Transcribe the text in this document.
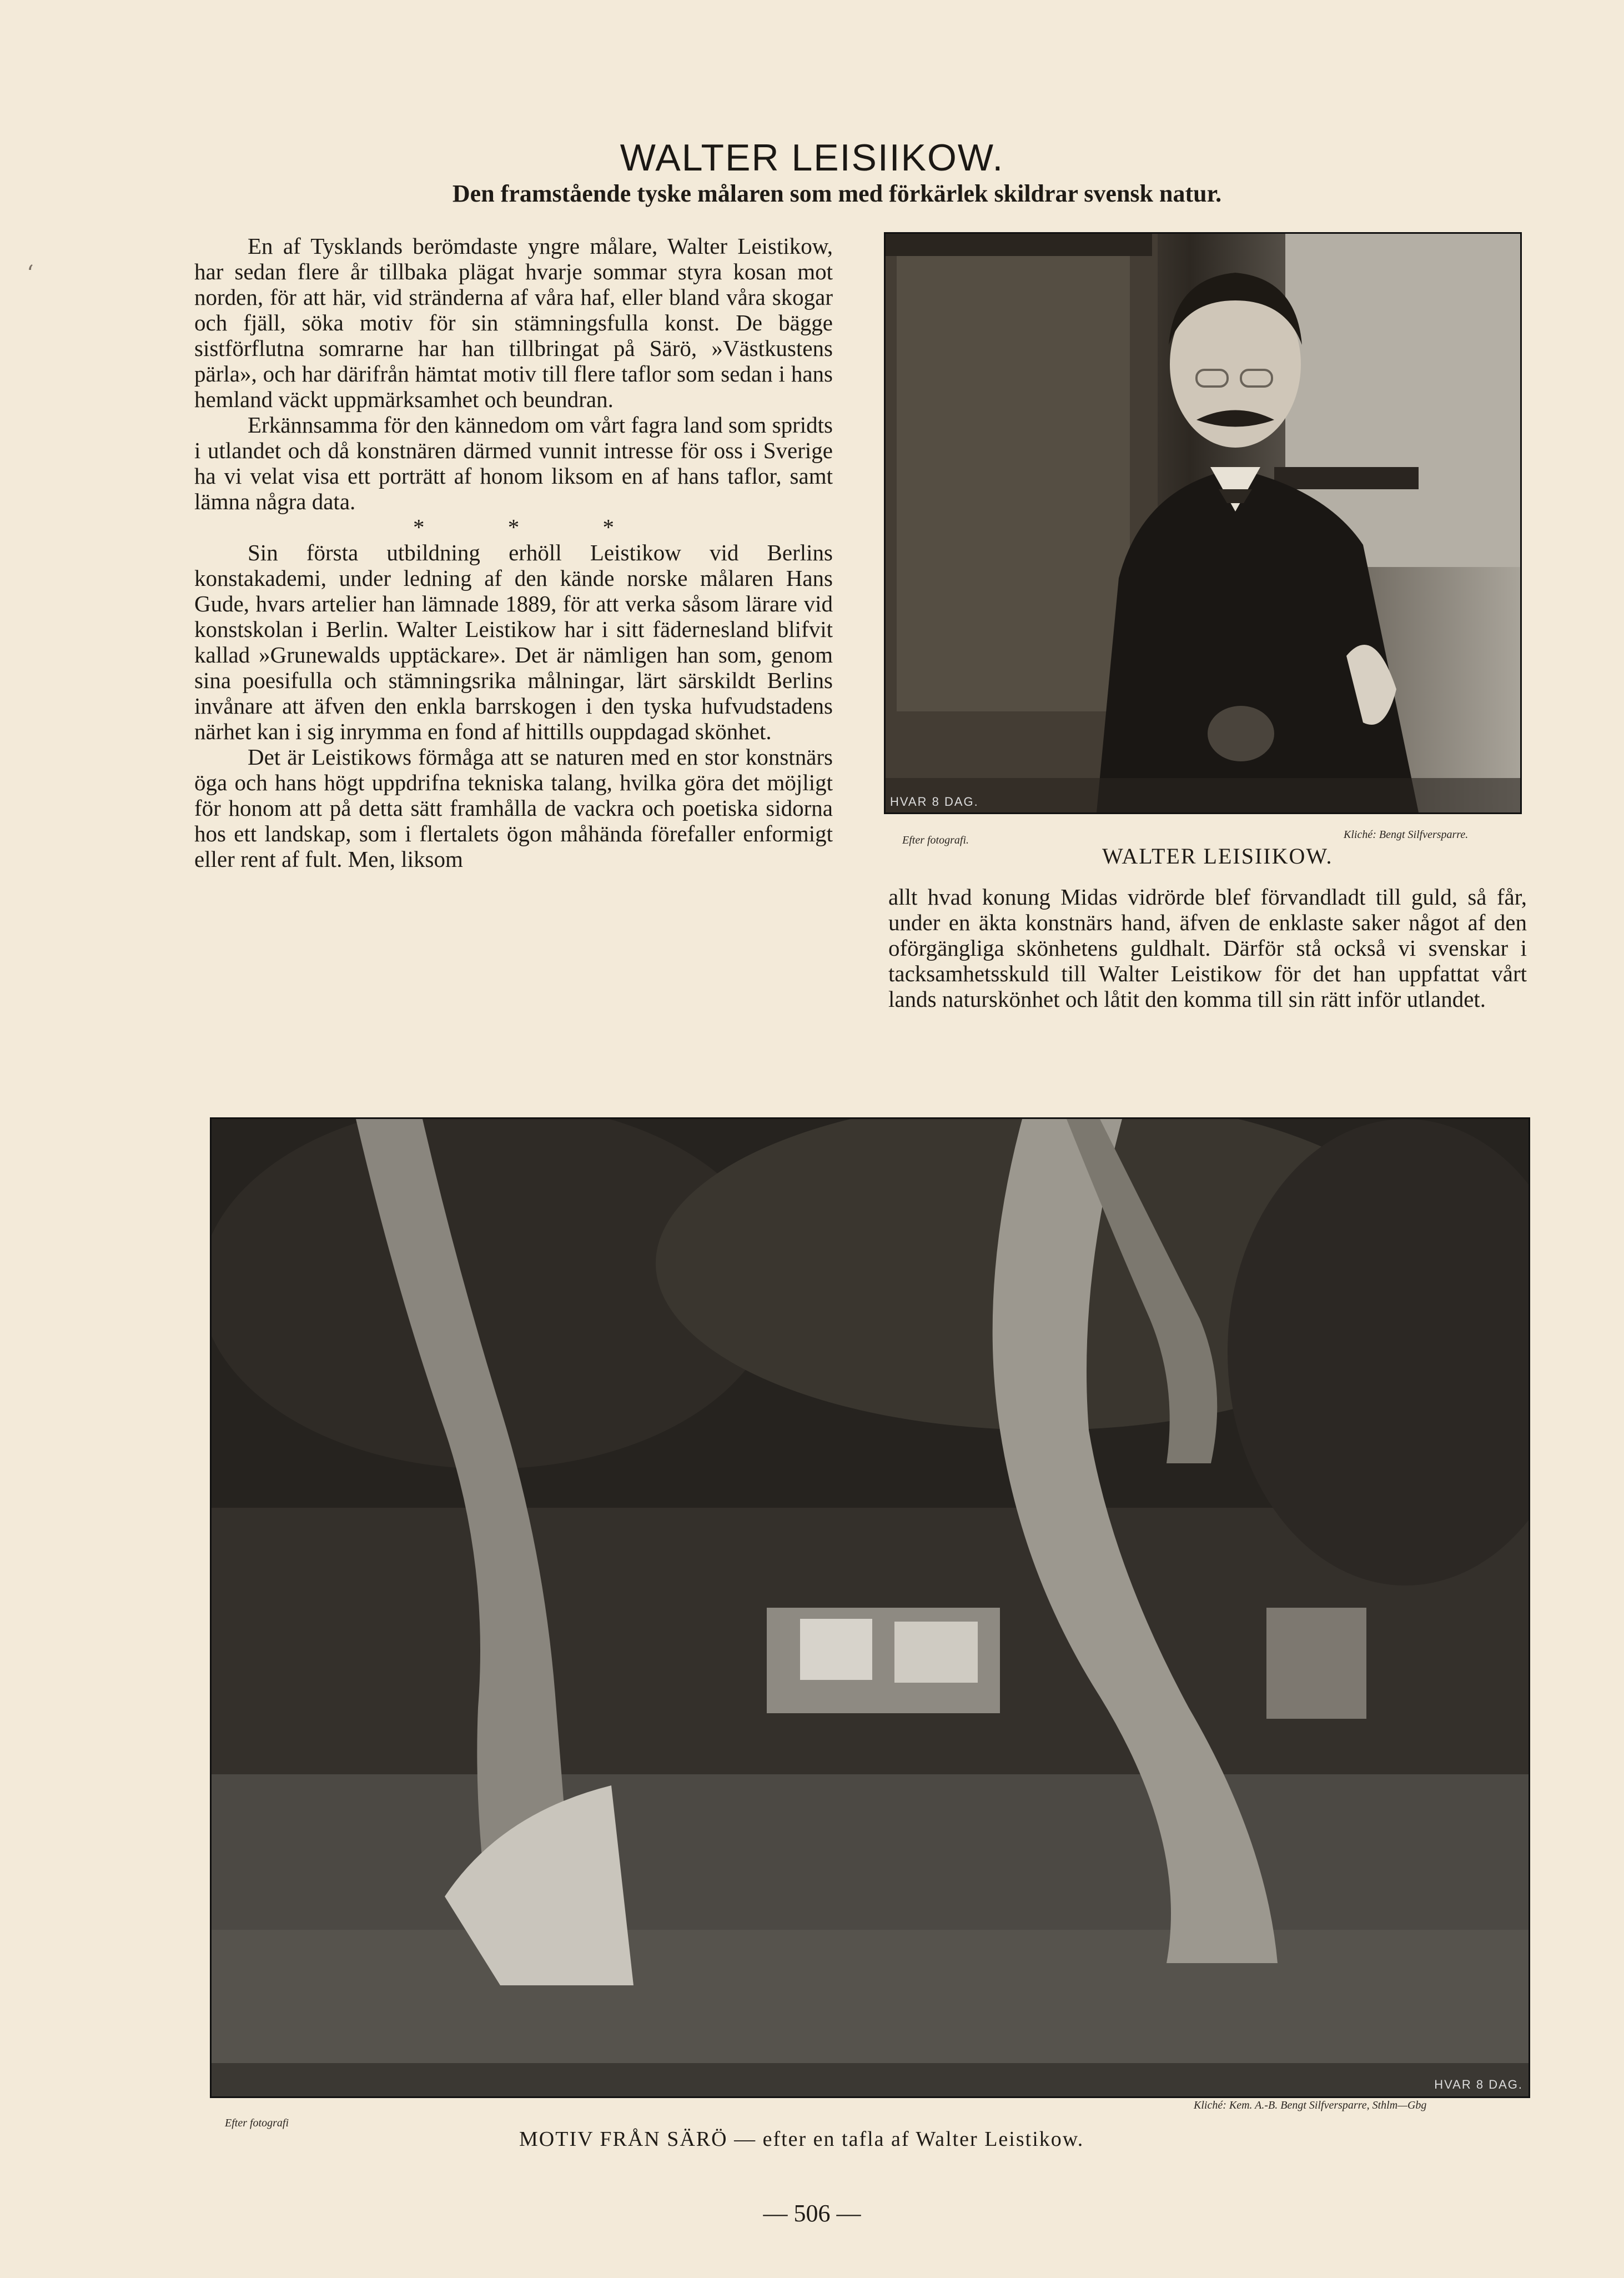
‘
WALTER LEISIIKOW.
Den framstående tyske målaren som med förkärlek skildrar svensk natur.

En af Tysklands berömdaste yngre målare, Walter Leistikow, har sedan flere år tillbaka plägat hvarje sommar styra kosan mot norden, för att här, vid stränderna af våra haf, eller bland våra skogar och fjäll, söka motiv för sin stämningsfulla konst. De bägge sistförflutna somrarne har han tillbringat på Särö, »Västkustens pärla», och har därifrån hämtat motiv till flere taflor som sedan i hans hemland väckt uppmärksamhet och beundran.

Erkännsamma för den kännedom om vårt fagra land som spridts i utlandet och då konstnären därmed vunnit intresse för oss i Sverige ha vi velat visa ett porträtt af honom liksom en af hans taflor, samt lämna några data.

* * *

Sin första utbildning erhöll Leistikow vid Berlins konstakademi, under ledning af den kände norske målaren Hans Gude, hvars artelier han lämnade 1889, för att verka såsom lärare vid konstskolan i Berlin. Walter Leistikow har i sitt fädernesland blifvit kallad »Grunewalds upptäckare». Det är nämligen han som, genom sina poesifulla och stämningsrika målningar, lärt särskildt Berlins invånare att äfven den enkla barrskogen i den tyska hufvudstadens närhet kan i sig inrymma en fond af hittills ouppdagad skönhet.

Det är Leistikows förmåga att se naturen med en stor konstnärs öga och hans högt uppdrifna tekniska talang, hvilka göra det möjligt för honom att på detta sätt framhålla de vackra och poetiska sidorna hos ett landskap, som i flertalets ögon måhända förefaller enformigt eller rent af fult. Men, liksom

HVAR 8 DAG.
Efter fotografi.	Kliché: Bengt Silfversparre.
WALTER LEISIIKOW.

allt hvad konung Midas vidrörde blef förvandladt till guld, så får, under en äkta konstnärs hand, äfven de enklaste saker något af den oförgängliga skönhetens guldhalt. Därför stå också vi svenskar i tacksamhetsskuld till Walter Leistikow för det han uppfattat vårt lands naturskönhet och låtit den komma till sin rätt inför utlandet.

HVAR 8 DAG.
Efter fotografi
Kliché: Kem. A.-B. Bengt Silfversparre, Sthlm—Gbg
MOTIV FRÅN SÄRÖ — efter en tafla af Walter Leistikow.
— 506 —
